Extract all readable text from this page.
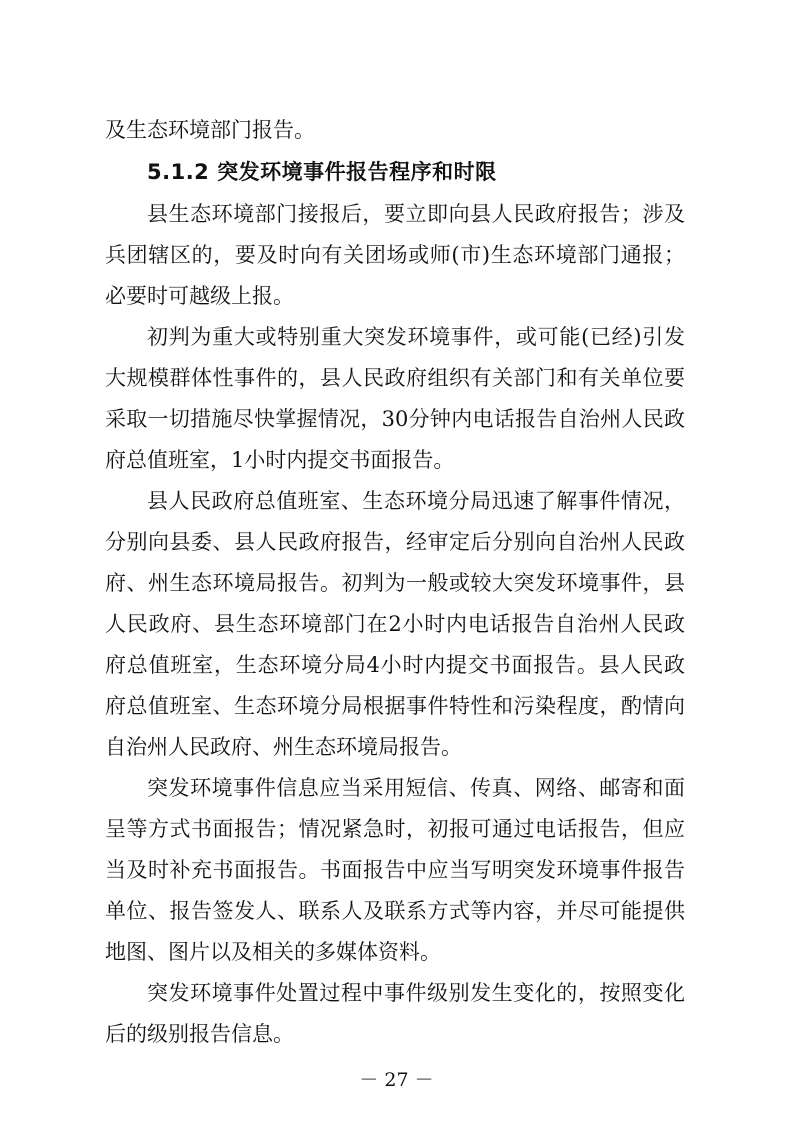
及生态环境部门报告。
5.1.2 突发环境事件报告程序和时限
县生态环境部门接报后，要立即向县人民政府报告；涉及
兵团辖区的，要及时向有关团场或师(市)生态环境部门通报；
必要时可越级上报。
初判为重大或特别重大突发环境事件，或可能(已经)引发
大规模群体性事件的，县人民政府组织有关部门和有关单位要
采取一切措施尽快掌握情况，30分钟内电话报告自治州人民政
府总值班室，1小时内提交书面报告。
县人民政府总值班室、生态环境分局迅速了解事件情况，
分别向县委、县人民政府报告，经审定后分别向自治州人民政
府、州生态环境局报告。初判为一般或较大突发环境事件，县
人民政府、县生态环境部门在2小时内电话报告自治州人民政
府总值班室，生态环境分局4小时内提交书面报告。县人民政
府总值班室、生态环境分局根据事件特性和污染程度，酌情向
自治州人民政府、州生态环境局报告。
突发环境事件信息应当采用短信、传真、网络、邮寄和面
呈等方式书面报告；情况紧急时，初报可通过电话报告，但应
当及时补充书面报告。书面报告中应当写明突发环境事件报告
单位、报告签发人、联系人及联系方式等内容，并尽可能提供
地图、图片以及相关的多媒体资料。
突发环境事件处置过程中事件级别发生变化的，按照变化
后的级别报告信息。
－ 27 －
